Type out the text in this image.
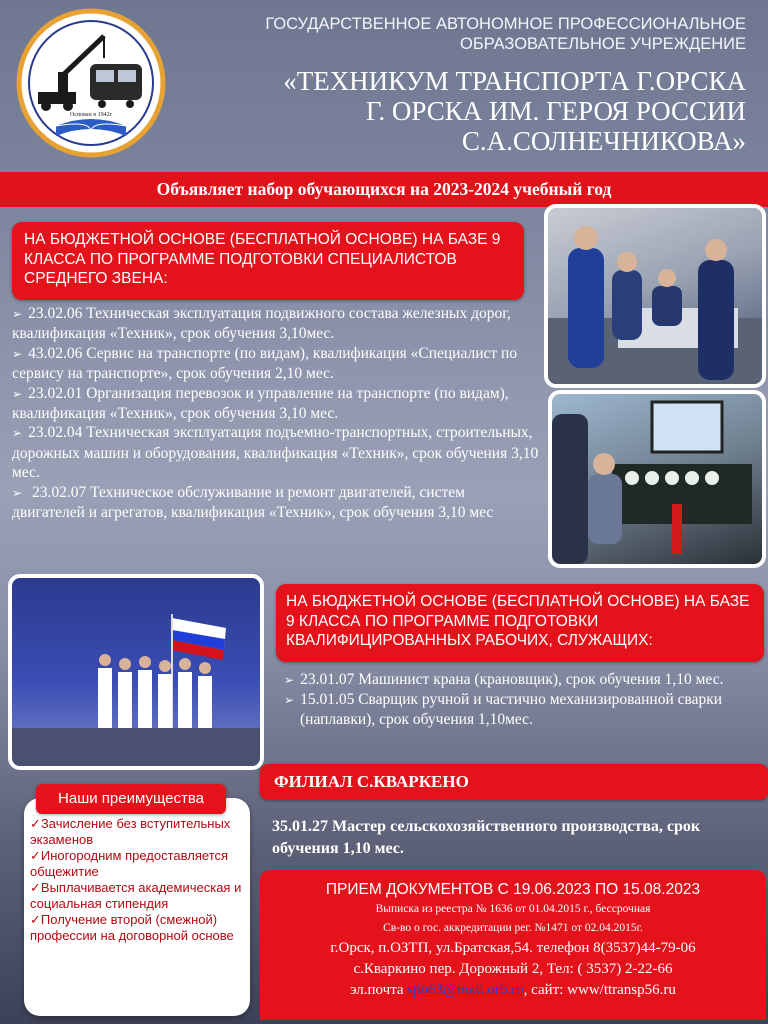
Основан в 1942г
ГОСУДАРСТВЕННОЕ АВТОНОМНОЕ ПРОФЕССИОНАЛЬНОЕ
ОБРАЗОВАТЕЛЬНОЕ УЧРЕЖДЕНИЕ
«ТЕХНИКУМ ТРАНСПОРТА Г.ОРСКА
Г. ОРСКА ИМ. ГЕРОЯ РОССИИ
С.А.СОЛНЕЧНИКОВА»
Объявляет набор обучающихся на 2023-2024 учебный год
НА БЮДЖЕТНОЙ ОСНОВЕ (БЕСПЛАТНОЙ ОСНОВЕ) НА БАЗЕ 9 КЛАССА ПО ПРОГРАММЕ ПОДГОТОВКИ СПЕЦИАЛИСТОВ СРЕДНЕГО ЗВЕНА:
➢ 23.02.06 Техническая эксплуатация подвижного состава железных дорог, квалификация «Техник», срок обучения 3,10мес.
➢ 43.02.06 Сервис на транспорте (по видам), квалификация «Специалист по сервису на транспорте», срок обучения 2,10 мес.
➢ 23.02.01 Организация перевозок и управление на транспорте (по видам), квалификация «Техник», срок обучения 3,10 мес.
➢ 23.02.04 Техническая эксплуатация подъемно-транспортных, строительных, дорожных машин и оборудования, квалификация «Техник», срок обучения 3,10 мес.
➢ 23.02.07 Техническое обслуживание и ремонт двигателей, систем двигателей и агрегатов, квалификация «Техник», срок обучения 3,10 мес
НА БЮДЖЕТНОЙ ОСНОВЕ (БЕСПЛАТНОЙ ОСНОВЕ) НА БАЗЕ 9 КЛАССА ПО ПРОГРАММЕ ПОДГОТОВКИ КВАЛИФИЦИРОВАННЫХ РАБОЧИХ, СЛУЖАЩИХ:
➢ 23.01.07 Машинист крана (крановщик), срок обучения 1,10 мес.
➢ 15.01.05 Сварщик ручной и частично механизированной сварки (наплавки), срок обучения 1,10мес.
ФИЛИАЛ С.КВАРКЕНО
35.01.27 Мастер сельскохозяйственного производства, срок обучения 1,10 мес.
✓Зачисление без вступительных экзаменов
✓Иногородним предоставляется общежитие
✓Выплачивается академическая и социальная стипендия
✓Получение второй (смежной) профессии на договорной основе
Наши преимущества
ПРИЕМ ДОКУМЕНТОВ С 19.06.2023 ПО 15.08.2023
Выписка из реестра № 1636 от 01.04.2015 г., бессрочная
Св-во о гос. аккредитации рег. №1471 от 02.04.2015г.
г.Орск, п.ОЗТП, ул.Братская,54. телефон 8(3537)44-79-06
с.Кваркино пер. Дорожный 2, Тел: ( 3537) 2-22-66
эл.почта spo63@mail.orb.ru, сайт: www/ttransp56.ru
